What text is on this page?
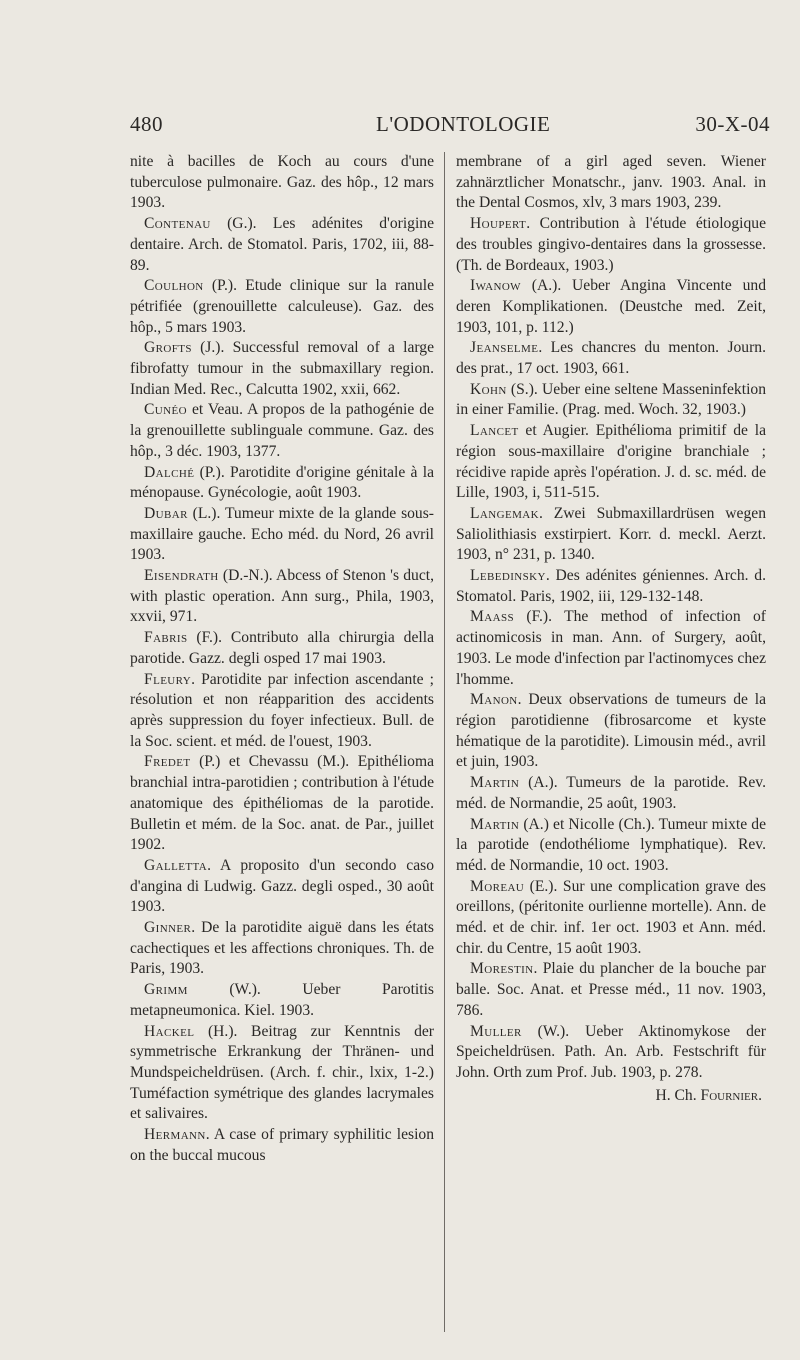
480	L'ODONTOLOGIE	30-X-04

nite à bacilles de Koch au cours d'une tuberculose pulmonaire. Gaz. des hôp., 12 mars 1903.

Contenau (G.). Les adénites d'origine dentaire. Arch. de Stomatol. Paris, 1702, iii, 88-89.

Coulhon (P.). Etude clinique sur la ranule pétrifiée (grenouillette calculeuse). Gaz. des hôp., 5 mars 1903.

Grofts (J.). Successful removal of a large fibrofatty tumour in the submaxillary region. Indian Med. Rec., Calcutta 1902, xxii, 662.

Cunéo et Veau. A propos de la pathogénie de la grenouillette sublinguale commune. Gaz. des hôp., 3 déc. 1903, 1377.

Dalché (P.). Parotidite d'origine génitale à la ménopause. Gynécologie, août 1903.

Dubar (L.). Tumeur mixte de la glande sous-maxillaire gauche. Echo méd. du Nord, 26 avril 1903.

Eisendrath (D.-N.). Abcess of Stenon 's duct, with plastic operation. Ann surg., Phila, 1903, xxvii, 971.

Fabris (F.). Contributo alla chirurgia della parotide. Gazz. degli osped 17 mai 1903.

Fleury. Parotidite par infection ascendante ; résolution et non réapparition des accidents après suppression du foyer infectieux. Bull. de la Soc. scient. et méd. de l'ouest, 1903.

Fredet (P.) et Chevassu (M.). Epithélioma branchial intra-parotidien ; contribution à l'étude anatomique des épithéliomas de la parotide. Bulletin et mém. de la Soc. anat. de Par., juillet 1902.

Galletta. A proposito d'un secondo caso d'angina di Ludwig. Gazz. degli osped., 30 août 1903.

Ginner. De la parotidite aiguë dans les états cachectiques et les affections chroniques. Th. de Paris, 1903.

Grimm (W.). Ueber Parotitis metapneumonica. Kiel. 1903.

Hackel (H.). Beitrag zur Kenntnis der symmetrische Erkrankung der Thränen- und Mundspeicheldrüsen. (Arch. f. chir., lxix, 1-2.) Tuméfaction symétrique des glandes lacrymales et salivaires.

Hermann. A case of primary syphilitic lesion on the buccal mucous

membrane of a girl aged seven. Wiener zahnärztlicher Monatschr., janv. 1903. Anal. in the Dental Cosmos, xlv, 3 mars 1903, 239.

Houpert. Contribution à l'étude étiologique des troubles gingivo-dentaires dans la grossesse. (Th. de Bordeaux, 1903.)

Iwanow (A.). Ueber Angina Vincente und deren Komplikationen. (Deustche med. Zeit, 1903, 101, p. 112.)

Jeanselme. Les chancres du menton. Journ. des prat., 17 oct. 1903, 661.

Kohn (S.). Ueber eine seltene Masseninfektion in einer Familie. (Prag. med. Woch. 32, 1903.)

Lancet et Augier. Epithélioma primitif de la région sous-maxillaire d'origine branchiale ; récidive rapide après l'opération. J. d. sc. méd. de Lille, 1903, i, 511-515.

Langemak. Zwei Submaxillardrüsen wegen Saliolithiasis exstirpiert. Korr. d. meckl. Aerzt. 1903, n° 231, p. 1340.

Lebedinsky. Des adénites géniennes. Arch. d. Stomatol. Paris, 1902, iii, 129-132-148.

Maass (F.). The method of infection of actinomicosis in man. Ann. of Surgery, août, 1903. Le mode d'infection par l'actinomyces chez l'homme.

Manon. Deux observations de tumeurs de la région parotidienne (fibrosarcome et kyste hématique de la parotidite). Limousin méd., avril et juin, 1903.

Martin (A.). Tumeurs de la parotide. Rev. méd. de Normandie, 25 août, 1903.

Martin (A.) et Nicolle (Ch.). Tumeur mixte de la parotide (endothéliome lymphatique). Rev. méd. de Normandie, 10 oct. 1903.

Moreau (E.). Sur une complication grave des oreillons, (péritonite ourlienne mortelle). Ann. de méd. et de chir. inf. 1er oct. 1903 et Ann. méd. chir. du Centre, 15 août 1903.

Morestin. Plaie du plancher de la bouche par balle. Soc. Anat. et Presse méd., 11 nov. 1903, 786.

Muller (W.). Ueber Aktinomykose der Speicheldrüsen. Path. An. Arb. Festschrift für John. Orth zum Prof. Jub. 1903, p. 278.

H. Ch. Fournier.
